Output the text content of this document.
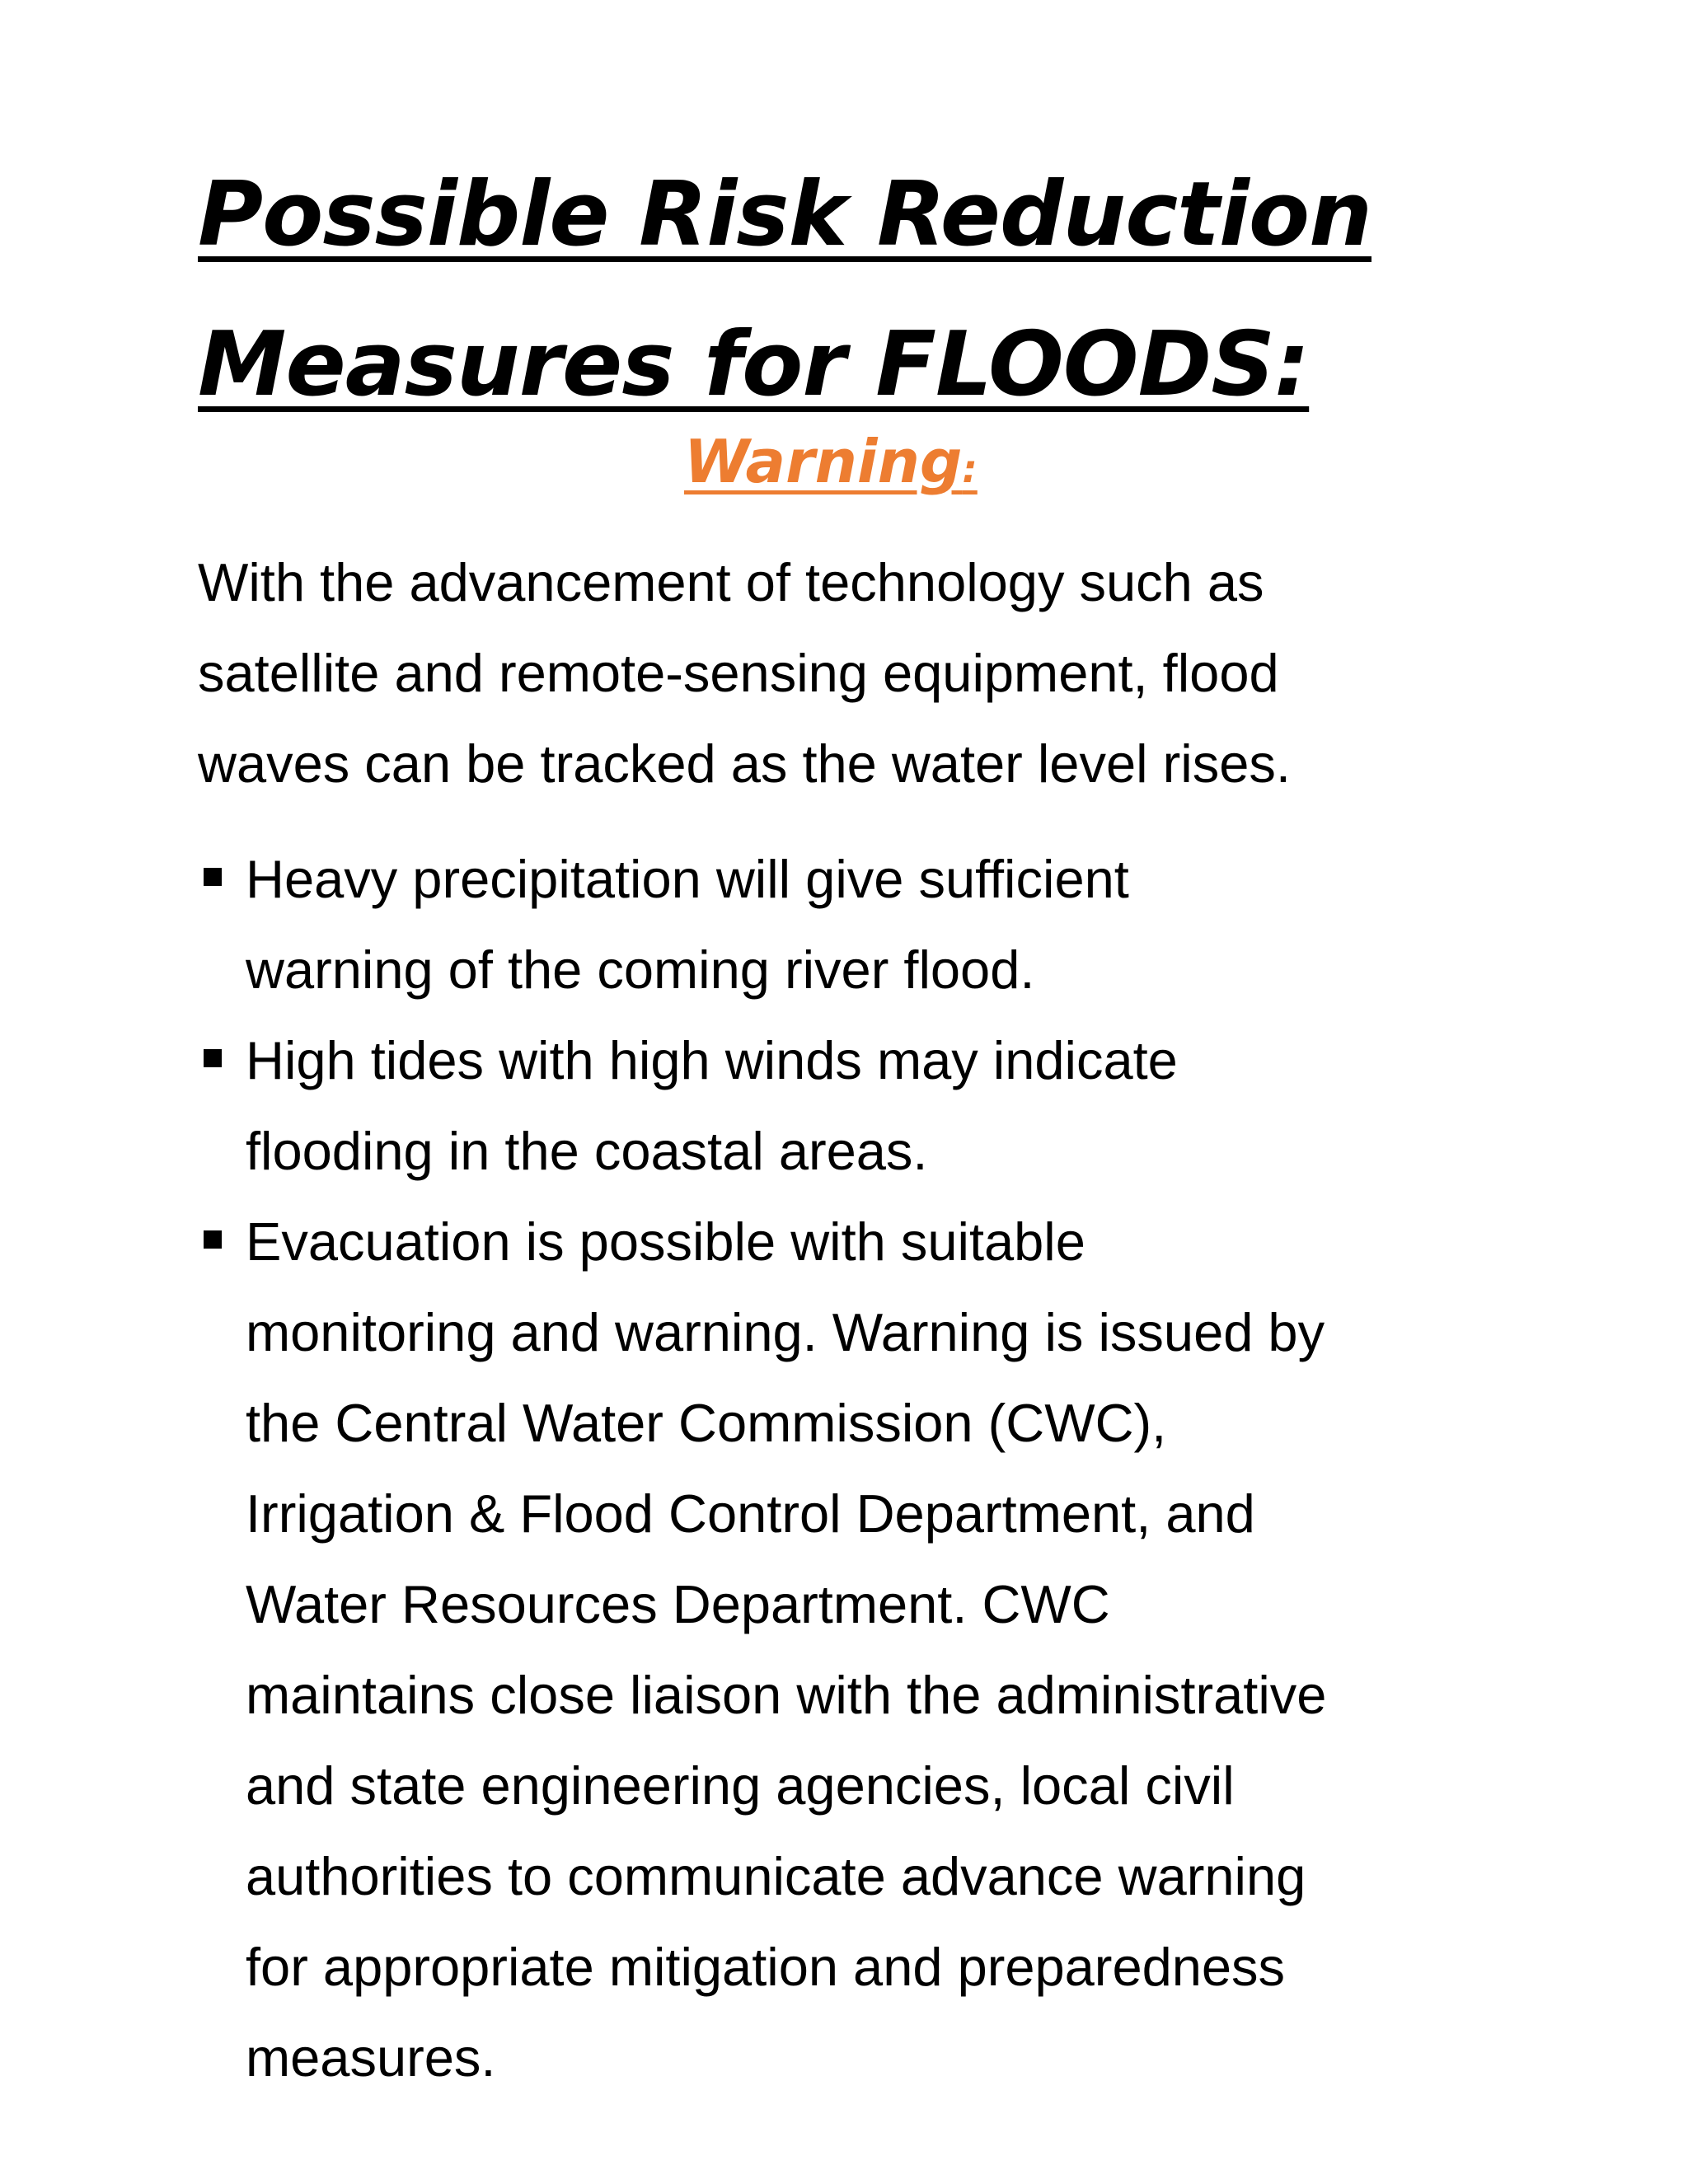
Possible Risk Reduction
Measures for FLOODS:
Warning:

With the advancement of technology such as
satellite and remote-sensing equipment, flood
waves can be tracked as the water level rises.

Heavy precipitation will give sufficient
warning of the coming river flood.
High tides with high winds may indicate
flooding in the coastal areas.
Evacuation is possible with suitable
monitoring and warning. Warning is issued by
the Central Water Commission (CWC),
Irrigation & Flood Control Department, and
Water Resources Department. CWC
maintains close liaison with the administrative
and state engineering agencies, local civil
authorities to communicate advance warning
for appropriate mitigation and preparedness
measures.
